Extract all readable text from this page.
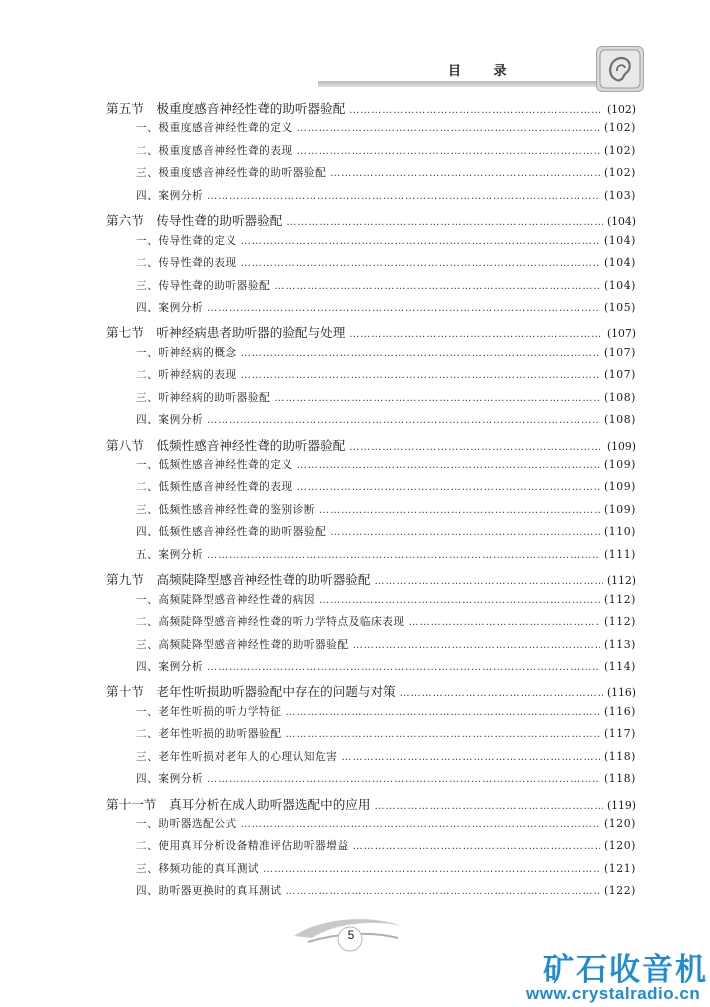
目 录
第五节　极重度感音神经性聋的助听器验配 …………………………………………………………………………………………………………………………………	(102)
一、极重度感音神经性聋的定义 …………………………………………………………………………………………………………………………………	(102)
二、极重度感音神经性聋的表现 …………………………………………………………………………………………………………………………………	(102)
三、极重度感音神经性聋的助听器验配 …………………………………………………………………………………………………………………………………	(102)
四、案例分析 …………………………………………………………………………………………………………………………………	(103)
第六节　传导性聋的助听器验配 …………………………………………………………………………………………………………………………………	(104)
一、传导性聋的定义 …………………………………………………………………………………………………………………………………	(104)
二、传导性聋的表现 …………………………………………………………………………………………………………………………………	(104)
三、传导性聋的助听器验配 …………………………………………………………………………………………………………………………………	(104)
四、案例分析 …………………………………………………………………………………………………………………………………	(105)
第七节　听神经病患者助听器的验配与处理 …………………………………………………………………………………………………………………………………	(107)
一、听神经病的概念 …………………………………………………………………………………………………………………………………	(107)
二、听神经病的表现 …………………………………………………………………………………………………………………………………	(107)
三、听神经病的助听器验配 …………………………………………………………………………………………………………………………………	(108)
四、案例分析 …………………………………………………………………………………………………………………………………	(108)
第八节　低频性感音神经性聋的助听器验配 …………………………………………………………………………………………………………………………………	(109)
一、低频性感音神经性聋的定义 …………………………………………………………………………………………………………………………………	(109)
二、低频性感音神经性聋的表现 …………………………………………………………………………………………………………………………………	(109)
三、低频性感音神经性聋的鉴别诊断 …………………………………………………………………………………………………………………………………	(109)
四、低频性感音神经性聋的助听器验配 …………………………………………………………………………………………………………………………………	(110)
五、案例分析 …………………………………………………………………………………………………………………………………	(111)
第九节　高频陡降型感音神经性聋的助听器验配 …………………………………………………………………………………………………………………………………	(112)
一、高频陡降型感音神经性聋的病因 …………………………………………………………………………………………………………………………………	(112)
二、高频陡降型感音神经性聋的听力学特点及临床表现 …………………………………………………………………………………………………………………………………	(112)
三、高频陡降型感音神经性聋的助听器验配 …………………………………………………………………………………………………………………………………	(113)
四、案例分析 …………………………………………………………………………………………………………………………………	(114)
第十节　老年性听损助听器验配中存在的问题与对策 …………………………………………………………………………………………………………………………………	(116)
一、老年性听损的听力学特征 …………………………………………………………………………………………………………………………………	(116)
二、老年性听损的助听器验配 …………………………………………………………………………………………………………………………………	(117)
三、老年性听损对老年人的心理认知危害 …………………………………………………………………………………………………………………………………	(118)
四、案例分析 …………………………………………………………………………………………………………………………………	(118)
第十一节　真耳分析在成人助听器选配中的应用 …………………………………………………………………………………………………………………………………	(119)
一、助听器选配公式 …………………………………………………………………………………………………………………………………	(120)
二、使用真耳分析设备精准评估助听器增益 …………………………………………………………………………………………………………………………………	(120)
三、移频功能的真耳测试 …………………………………………………………………………………………………………………………………	(121)
四、助听器更换时的真耳测试 …………………………………………………………………………………………………………………………………	(122)
5
矿石收音机
www.crystalradio.cn
